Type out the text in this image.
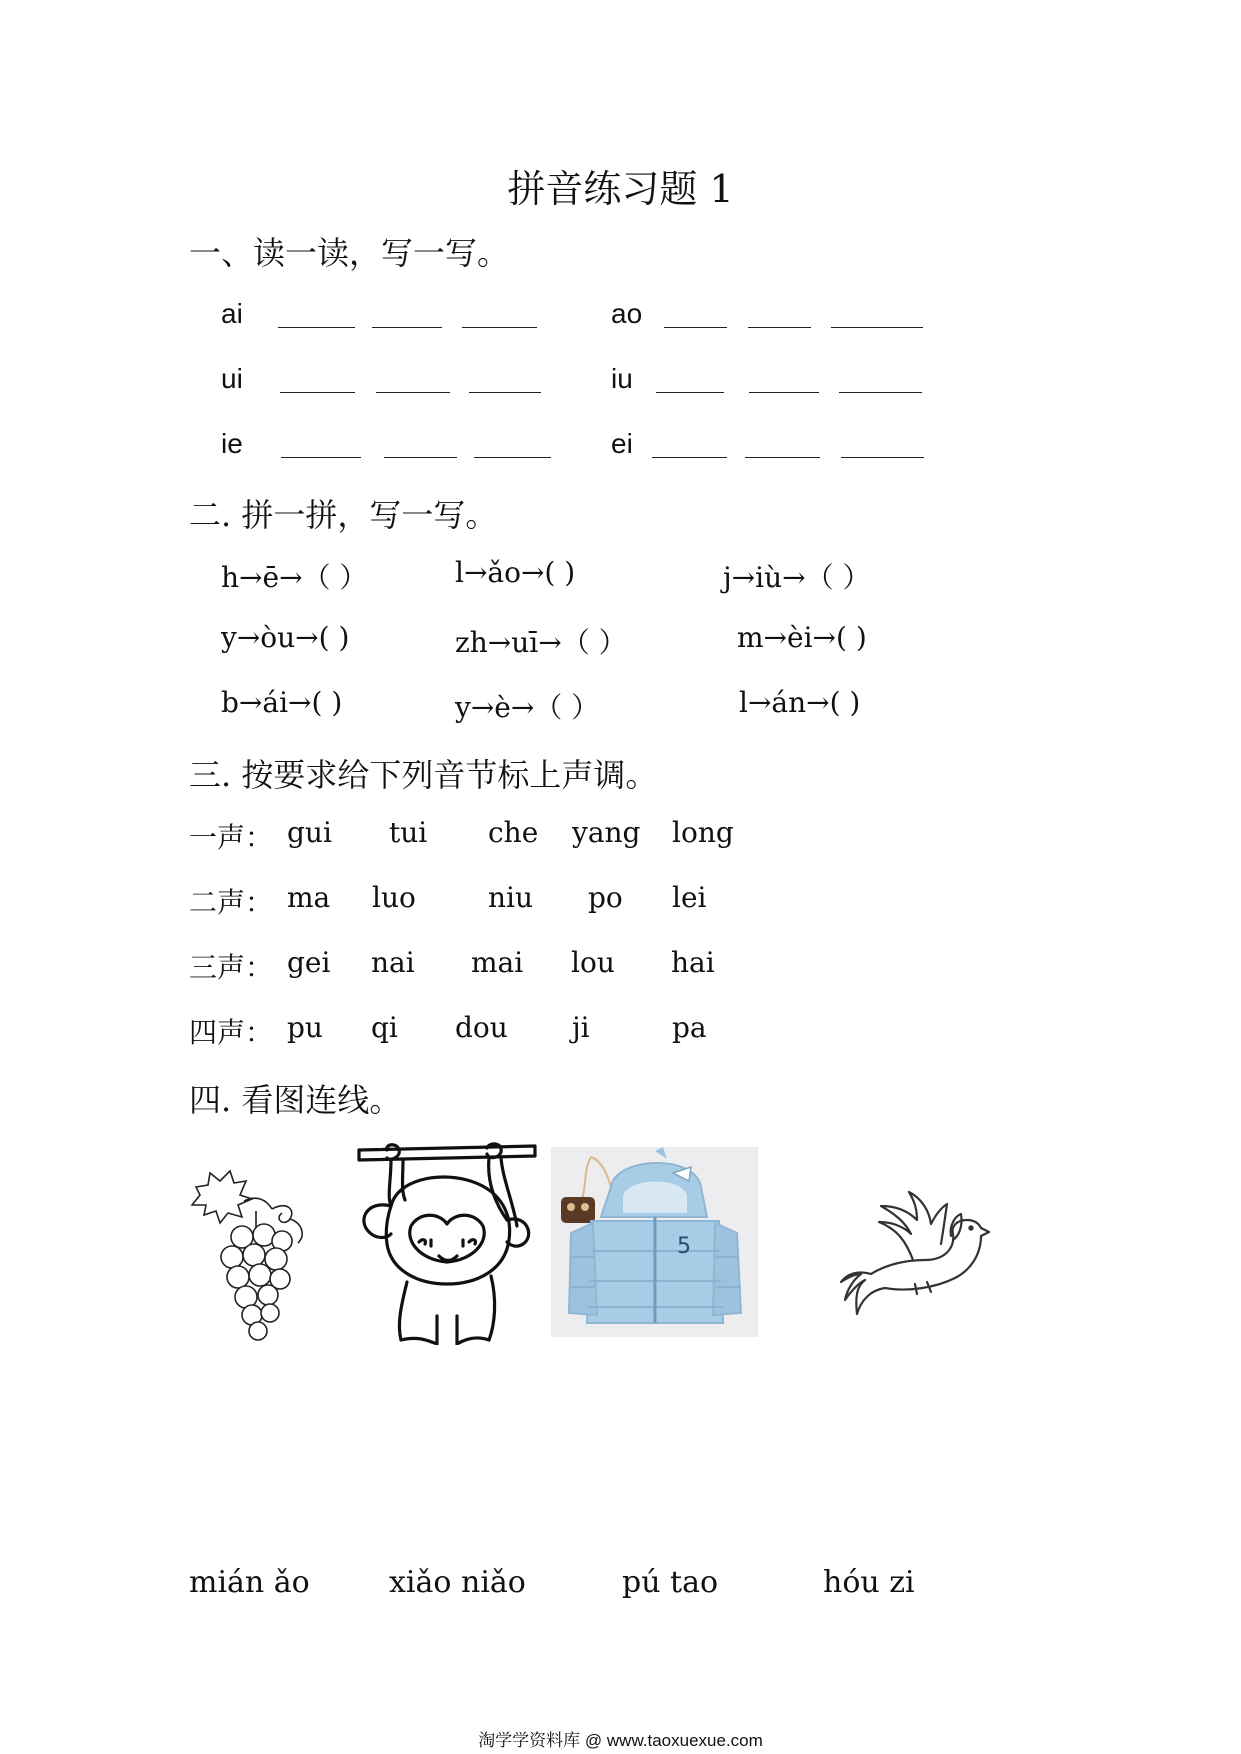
拼音练习题 1
一、读一读，写一写。
ai	ao
ui	iu
ie	ei
二. 拼一拼，写一写。
h→ē→（ ）	l→ǎo→( )	j→iù→（ ）
y→òu→( )	zh→uī→（ ）	m→èi→( )
b→ái→( )	y→è→（ ）	l→án→( )
三. 按要求给下列音节标上声调。
一声： gui tui che yang long
二声： ma luo	niu po lei
三声： gei nai mai lou hai
四声： pu qi dou ji	pa
四. 看图连线。
5
mián ǎo	xiǎo niǎo	pú tao	hóu zi
淘学学资料库 @ www.taoxuexue.com
